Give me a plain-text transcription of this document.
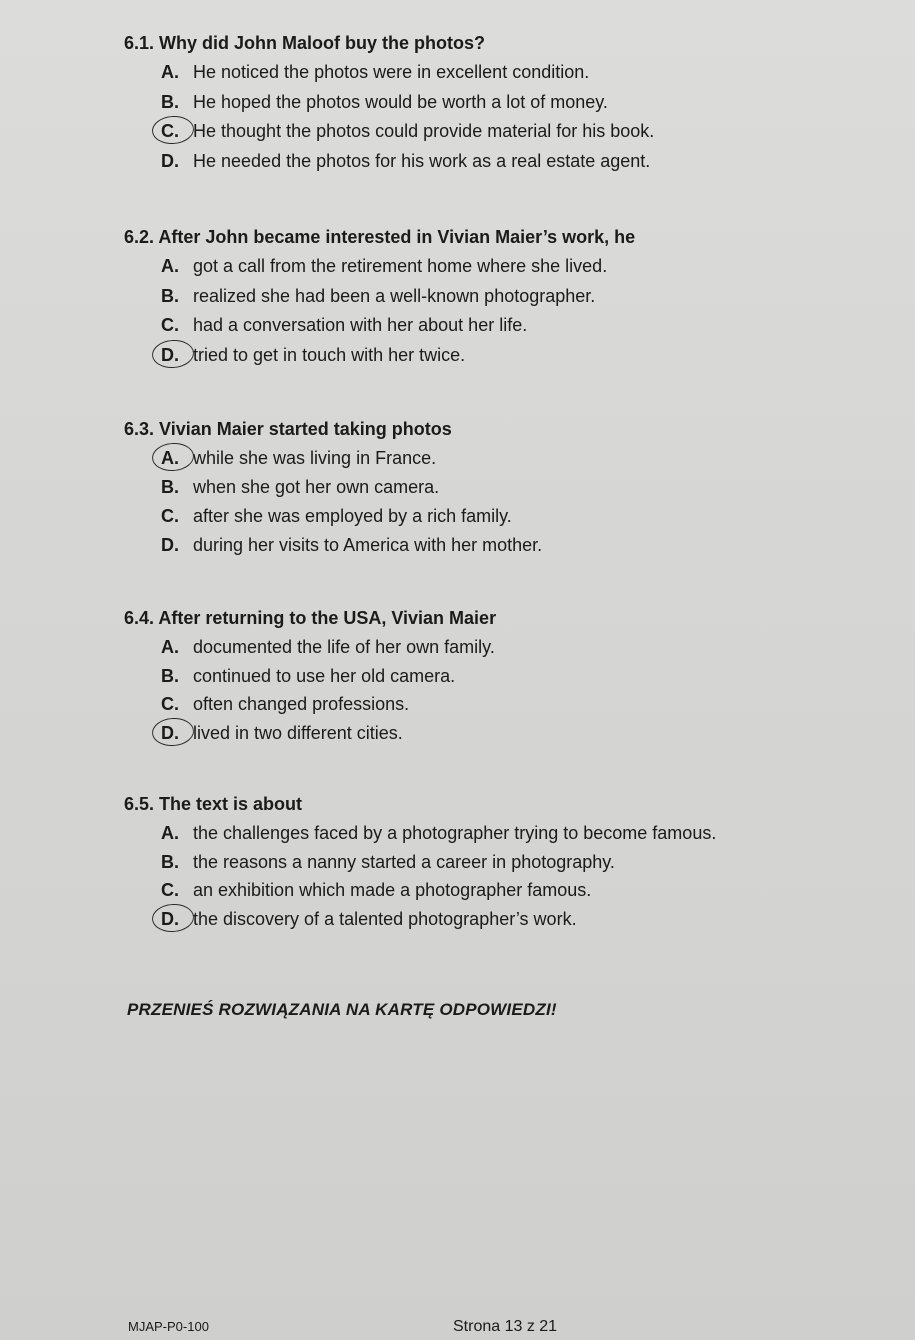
6.1. Why did John Maloof buy the photos?
A. He noticed the photos were in excellent condition.
B. He hoped the photos would be worth a lot of money.
C. He thought the photos could provide material for his book.
D. He needed the photos for his work as a real estate agent.
6.2. After John became interested in Vivian Maier’s work, he
A. got a call from the retirement home where she lived.
B. realized she had been a well-known photographer.
C. had a conversation with her about her life.
D. tried to get in touch with her twice.
6.3. Vivian Maier started taking photos
A. while she was living in France.
B. when she got her own camera.
C. after she was employed by a rich family.
D. during her visits to America with her mother.
6.4. After returning to the USA, Vivian Maier
A. documented the life of her own family.
B. continued to use her old camera.
C. often changed professions.
D. lived in two different cities.
6.5. The text is about
A. the challenges faced by a photographer trying to become famous.
B. the reasons a nanny started a career in photography.
C. an exhibition which made a photographer famous.
D. the discovery of a talented photographer’s work.
PRZENIEŚ ROZWIĄZANIA NA KARTĘ ODPOWIEDZI!
MJAP-P0-100	Strona 13 z 21
